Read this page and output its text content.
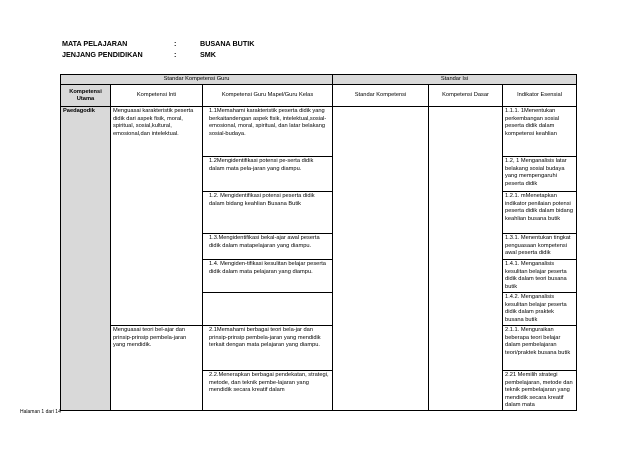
MATA PELAJARAN	:	BUSANA BUTIK
JENJANG PENDIDIKAN	:	SMK
Standar Kompetensi Guru			Standar Isi		
Kompetensi Utama	Kompetensi Inti	Kompetensi Guru Mapel/Guru Kelas	Standar Kompetensi	Kompetensi Dasar	Indikator Esensial
Paedagodik	Menguasai karakteristik peserta didik dari aspek fisik, moral, spiritual, sosial,kultural, emosional,dan intelektual.	1.1Memahami karakteristik peserta didik yang berkaitandengan aspek fisik, intelektual,sosial-emosional, moral, spiritual, dan latar belakang sosial-budaya.			1.1.1. 1Menentukan perkembangan sosial peserta didik dalam kompetensi keahlian
		1.2Mengidentifikasi potensi pe-serta didik dalam mata pela-jaran yang diampu.			1.2, 1 Menganalisis latar belakang sosial budaya yang mempengaruhi peserta didik
		1.2. Mengidentifikasi potensi peserta didik dalam bidang keahlian Busana Butik			1.2.1. mMenetapkan indikator penilaian potensi peserta didik dalam bidang keahlian busana butik
		1.3.Mengidentifikasi bekal-ajar awal peserta didik dalam matapelajaran yang diampu.			1.3.1. Menentukan tingkat penguasaan kompetensi awal peserta didik
		1.4. Mengiden-tifikasi kesulitan belajar peserta didik dalam mata pelajaran yang diampu.			1.4.1. Menganalisis kesulitan belajar peserta didik dalam teori busana butik
					1.4.2. Menganalisis kesulitan belajar peserta didik dalam praktek busana butik
	Menguasai teori bel-ajar dan prinsip-prinsip pembela-jaran yang mendidik.	2.1Memahami berbagai teori bela-jar dan prinsip-prinsip pembela-jaran yang mendidik terkait dengan mata pelajaran yang diampu.			2.1.1. Menguraikan beberapa teori belajar dalam pembelajaran teori/praktek busana butik
		2.2.Menerapkan berbagai pendekatan, strategi, metode, dan teknik pembe-lajaran yang mendidik secara kreatif dalam			2.21 Memilih strategi pembelajaran, metode dan teknik pembelajaran yang mendidik secara kreatif dalam mata
Halaman 1 dari 14
